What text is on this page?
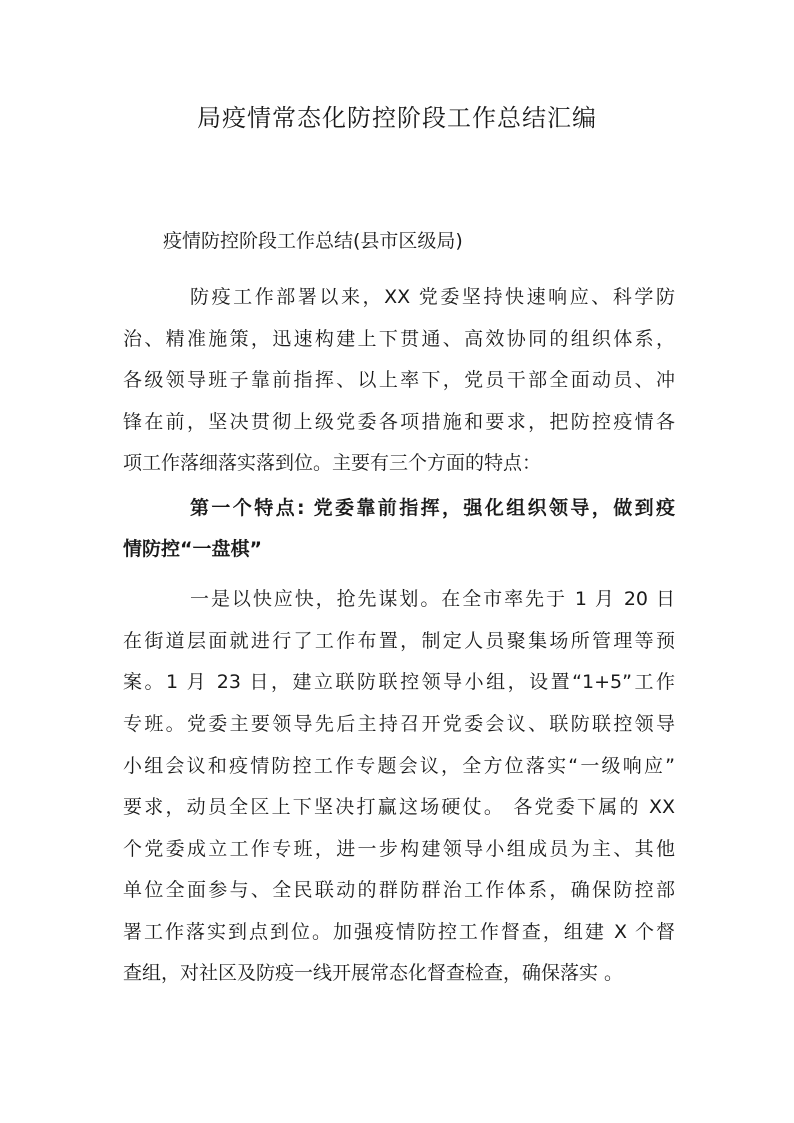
局疫情常态化防控阶段工作总结汇编
疫情防控阶段工作总结(县市区级局)
防疫工作部署以来，XX 党委坚持快速响应、科学防
治、精准施策，迅速构建上下贯通、高效协同的组织体系，
各级领导班子靠前指挥、以上率下，党员干部全面动员、冲
锋在前，坚决贯彻上级党委各项措施和要求，把防控疫情各
项工作落细落实落到位。主要有三个方面的特点：
第一个特点: 党委靠前指挥，强化组织领导，做到疫
情防控“一盘棋”
一是以快应快，抢先谋划。在全市率先于 1 月 20 日
在街道层面就进行了工作布置，制定人员聚集场所管理等预
案。1 月 23 日，建立联防联控领导小组，设置“1+5”工作
专班。党委主要领导先后主持召开党委会议、联防联控领导
小组会议和疫情防控工作专题会议，全方位落实“一级响应”
要求，动员全区上下坚决打赢这场硬仗。 各党委下属的 XX
个党委成立工作专班，进一步构建领导小组成员为主、其他
单位全面参与、全民联动的群防群治工作体系，确保防控部
署工作落实到点到位。加强疫情防控工作督查，组建 X 个督
查组，对社区及防疫一线开展常态化督查检查，确保落实 。
